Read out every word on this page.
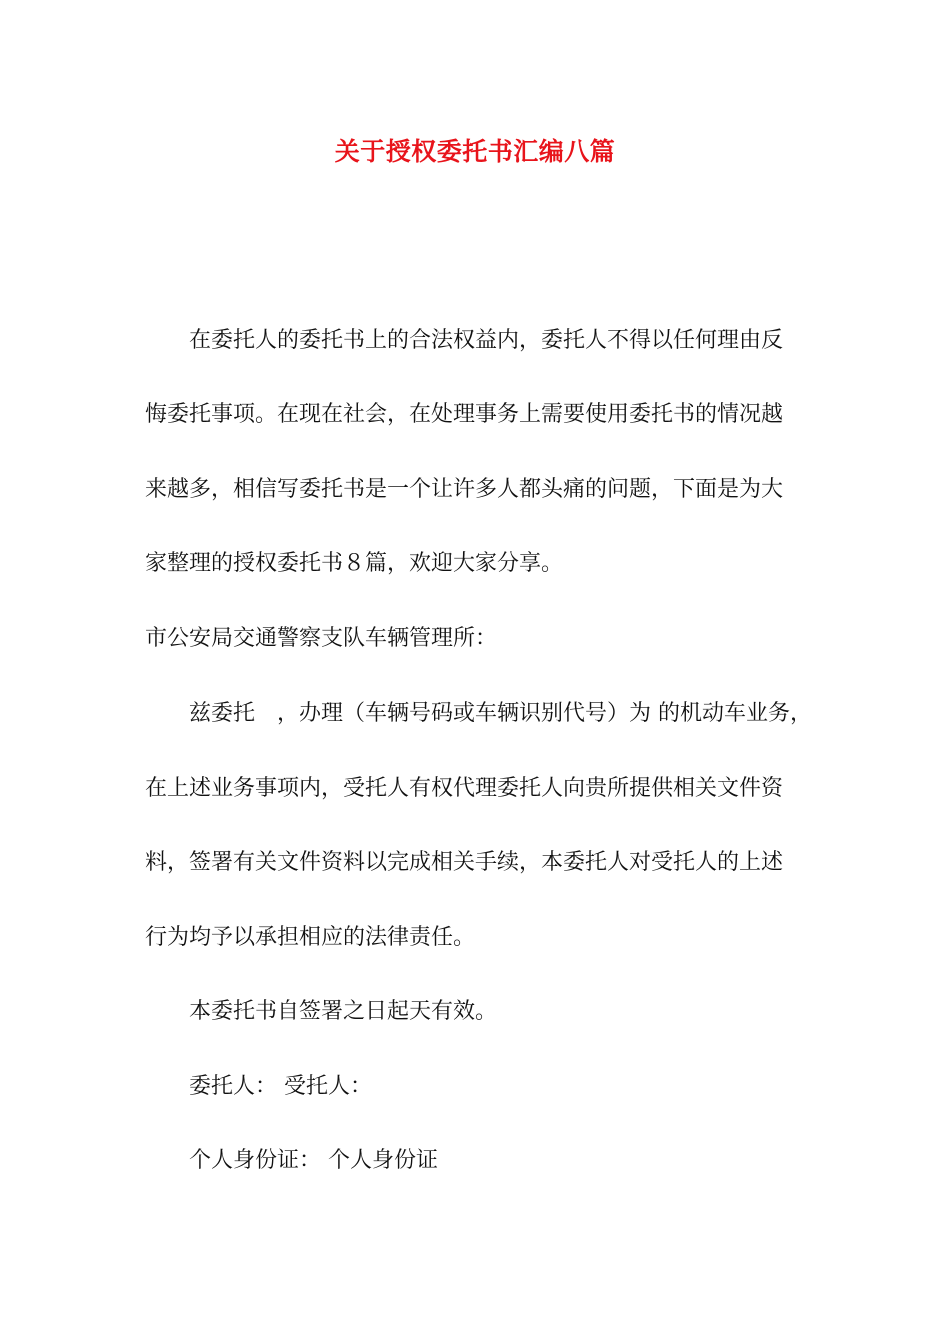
关于授权委托书汇编八篇
在委托人的委托书上的合法权益内，委托人不得以任何理由反
悔委托事项。在现在社会，在处理事务上需要使用委托书的情况越
来越多，相信写委托书是一个让许多人都头痛的问题，下面是为大
家整理的授权委托书８篇，欢迎大家分享。
市公安局交通警察支队车辆管理所：
兹委托　，办理（车辆号码或车辆识别代号）为 的机动车业务，
在上述业务事项内，受托人有权代理委托人向贵所提供相关文件资
料，签署有关文件资料以完成相关手续，本委托人对受托人的上述
行为均予以承担相应的法律责任。
本委托书自签署之日起天有效。
委托人： 受托人：
个人身份证： 个人身份证
